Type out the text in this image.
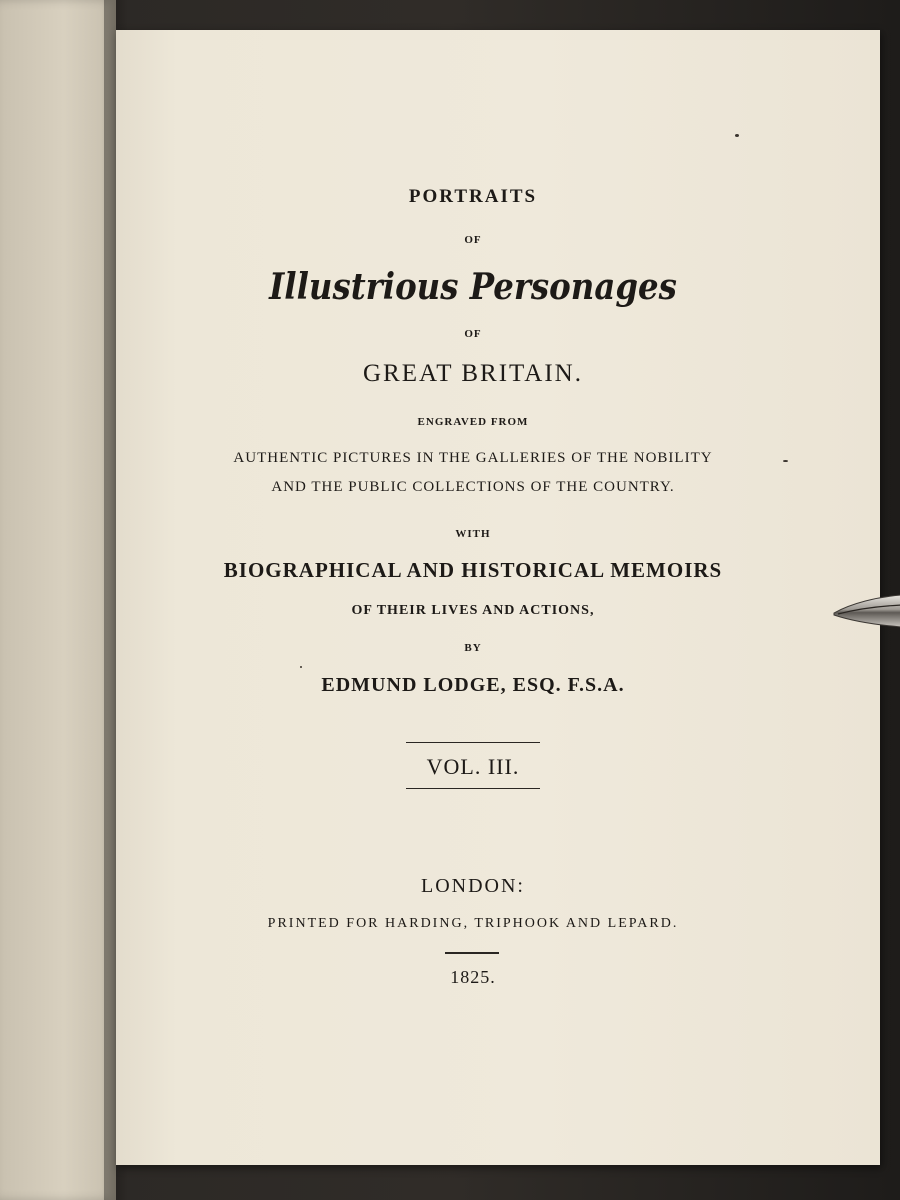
PORTRAITS
OF
Illustrious Personages
OF
GREAT BRITAIN.
ENGRAVED FROM
AUTHENTIC PICTURES IN THE GALLERIES OF THE NOBILITY
AND THE PUBLIC COLLECTIONS OF THE COUNTRY.
WITH
BIOGRAPHICAL AND HISTORICAL MEMOIRS
OF THEIR LIVES AND ACTIONS,
BY
EDMUND LODGE, ESQ. F.S.A.
VOL. III.
LONDON:
PRINTED FOR HARDING, TRIPHOOK AND LEPARD.
1825.
